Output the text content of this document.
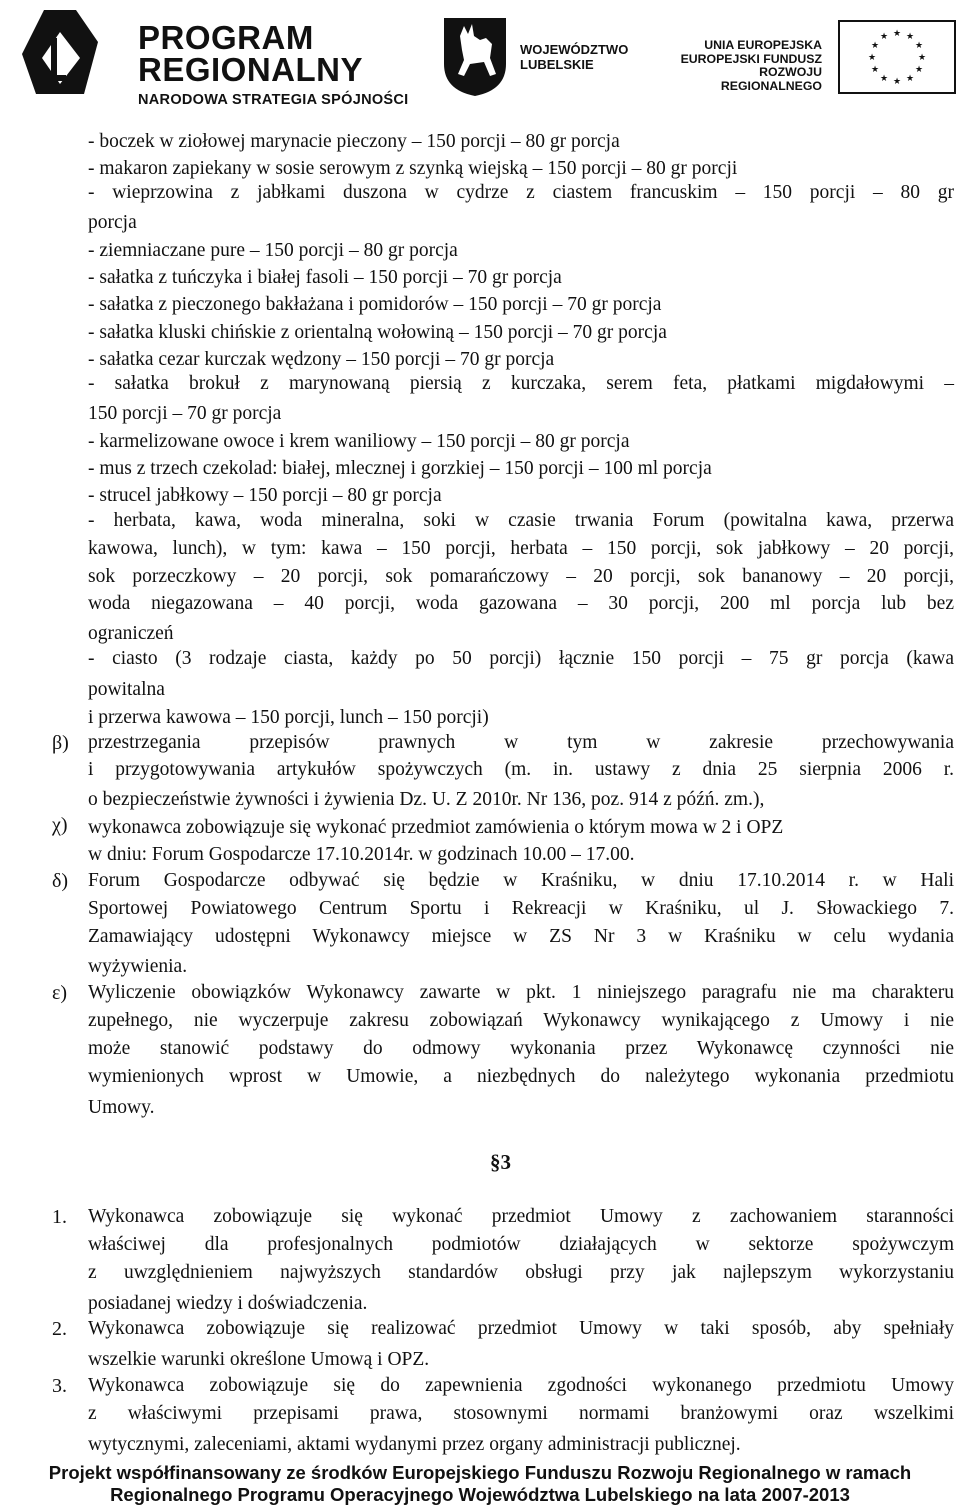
PROGRAM
REGIONALNY
NARODOWA STRATEGIA SPÓJNOŚCI
WOJEWÓDZTWO
LUBELSKIE
UNIA EUROPEJSKA
EUROPEJSKI FUNDUSZ
ROZWOJU REGIONALNEGO
★ ★
★
★
★
★
★
★
★
★
★
★
- boczek w ziołowej marynacie pieczony – 150 porcji – 80 gr porcja
- makaron zapiekany w sosie serowym z szynką wiejską – 150 porcji – 80 gr porcji
- wieprzowina z jabłkami duszona w cydrze z ciastem francuskim – 150 porcji – 80 gr
porcja
- ziemniaczane pure – 150 porcji – 80 gr porcja
- sałatka z tuńczyka i białej fasoli – 150 porcji – 70 gr porcja
- sałatka z pieczonego bakłażana i pomidorów – 150 porcji – 70 gr porcja
- sałatka kluski chińskie z orientalną wołowiną – 150 porcji – 70 gr porcja
- sałatka cezar kurczak wędzony – 150 porcji – 70 gr porcja
- sałatka brokuł z marynowaną piersią z kurczaka, serem feta, płatkami migdałowymi –
150 porcji – 70 gr porcja
- karmelizowane owoce i krem waniliowy – 150 porcji – 80 gr porcja
- mus z trzech czekolad: białej, mlecznej i gorzkiej – 150 porcji – 100 ml porcja
- strucel jabłkowy – 150 porcji – 80 gr porcja
- herbata, kawa, woda mineralna, soki w czasie trwania Forum (powitalna kawa, przerwa
kawowa, lunch), w tym: kawa – 150 porcji, herbata – 150 porcji, sok jabłkowy – 20 porcji,
sok porzeczkowy – 20 porcji, sok pomarańczowy – 20 porcji, sok bananowy – 20 porcji,
woda niegazowana – 40 porcji, woda gazowana – 30 porcji, 200 ml porcja lub bez
ograniczeń
- ciasto (3 rodzaje ciasta, każdy po 50 porcji) łącznie 150 porcji – 75 gr porcja (kawa
powitalna
i przerwa kawowa – 150 porcji, lunch – 150 porcji)
β) przestrzegania przepisów prawnych w tym w zakresie przechowywania
i przygotowywania artykułów spożywczych (m. in. ustawy z dnia 25 sierpnia 2006 r.
o bezpieczeństwie żywności i żywienia Dz. U. Z 2010r. Nr 136, poz. 914 z późń. zm.),
χ) wykonawca zobowiązuje się wykonać przedmiot zamówienia o którym mowa w 2 i OPZ
w dniu: Forum Gospodarcze 17.10.2014r. w godzinach 10.00 – 17.00.
δ) Forum Gospodarcze odbywać się będzie w Kraśniku, w dniu 17.10.2014 r. w Hali
Sportowej Powiatowego Centrum Sportu i Rekreacji w Kraśniku, ul J. Słowackiego 7.
Zamawiający udostępni Wykonawcy miejsce w ZS Nr 3 w Kraśniku w celu wydania
wyżywienia.
ε) Wyliczenie obowiązków Wykonawcy zawarte w pkt. 1 niniejszego paragrafu nie ma charakteru
zupełnego, nie wyczerpuje zakresu zobowiązań Wykonawcy wynikającego z Umowy i nie
może stanowić podstawy do odmowy wykonania przez Wykonawcę czynności nie
wymienionych wprost w Umowie, a niezbędnych do należytego wykonania przedmiotu
Umowy.
§3
1. Wykonawca zobowiązuje się wykonać przedmiot Umowy z zachowaniem staranności
właściwej dla profesjonalnych podmiotów działających w sektorze spożywczym
z uwzględnieniem najwyższych standardów obsługi przy jak najlepszym wykorzystaniu
posiadanej wiedzy i doświadczenia.
2. Wykonawca zobowiązuje się realizować przedmiot Umowy w taki sposób, aby spełniały
wszelkie warunki określone Umową i OPZ.
3. Wykonawca zobowiązuje się do zapewnienia zgodności wykonanego przedmiotu Umowy
z właściwymi przepisami prawa, stosownymi normami branżowymi oraz wszelkimi
wytycznymi, zaleceniami, aktami wydanymi przez organy administracji publicznej.
Projekt współfinansowany ze środków Europejskiego Funduszu Rozwoju Regionalnego w ramach
Regionalnego Programu Operacyjnego Województwa Lubelskiego na lata 2007-2013
